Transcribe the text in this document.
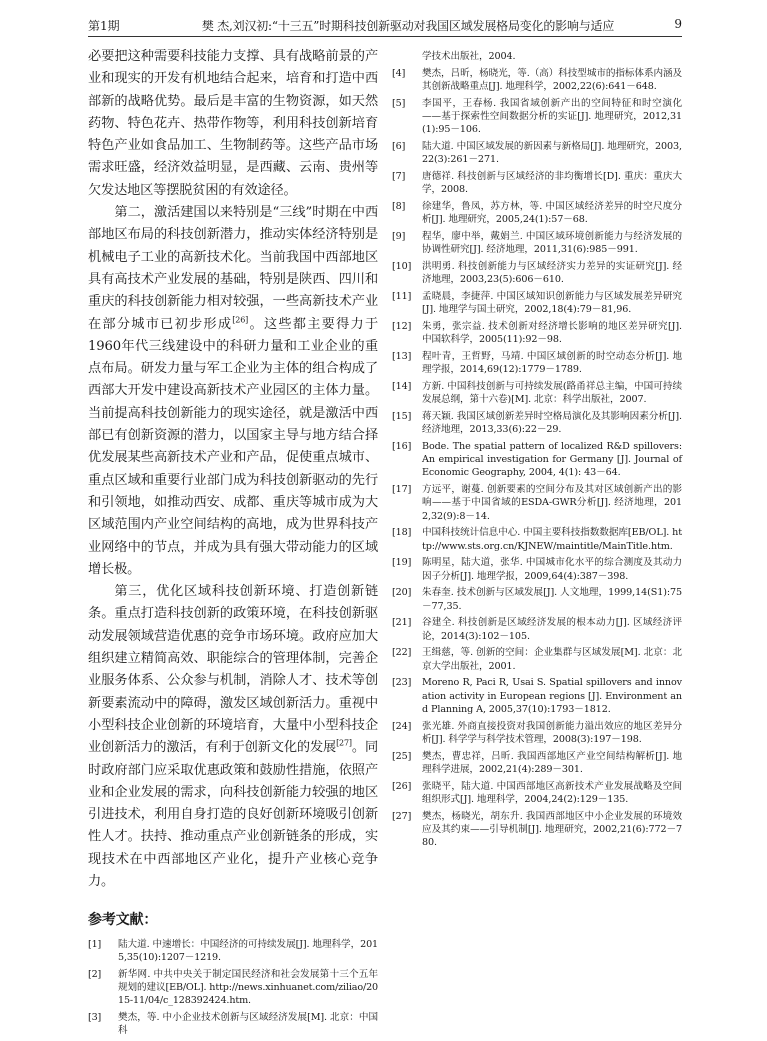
第1期	樊 杰,刘汉初:“十三五”时期科技创新驱动对我国区域发展格局变化的影响与适应	9

必要把这种需要科技能力支撑、具有战略前景的产业和现实的开发有机地结合起来，培育和打造中西部新的战略优势。最后是丰富的生物资源，如天然药物、特色花卉、热带作物等，利用科技创新培育特色产业如食品加工、生物制药等。这些产品市场需求旺盛，经济效益明显，是西藏、云南、贵州等欠发达地区等摆脱贫困的有效途径。

第二，激活建国以来特别是“三线”时期在中西部地区布局的科技创新潜力，推动实体经济特别是机械电子工业的高新技术化。当前我国中西部地区具有高技术产业发展的基础，特别是陕西、四川和重庆的科技创新能力相对较强，一些高新技术产业在部分城市已初步形成[26]。这些都主要得力于1960年代三线建设中的科研力量和工业企业的重点布局。研发力量与军工企业为主体的组合构成了西部大开发中建设高新技术产业园区的主体力量。当前提高科技创新能力的现实途径，就是激活中西部已有创新资源的潜力，以国家主导与地方结合择优发展某些高新技术产业和产品，促使重点城市、重点区域和重要行业部门成为科技创新驱动的先行和引领地，如推动西安、成都、重庆等城市成为大区域范围内产业空间结构的高地，成为世界科技产业网络中的节点，并成为具有强大带动能力的区域增长极。

第三，优化区域科技创新环境、打造创新链条。重点打造科技创新的政策环境，在科技创新驱动发展领域营造优惠的竞争市场环境。政府应加大组织建立精简高效、职能综合的管理体制，完善企业服务体系、公众参与机制，消除人才、技术等创新要素流动中的障碍，激发区域创新活力。重视中小型科技企业创新的环境培育，大量中小型科技企业创新活力的激活，有利于创新文化的发展[27]。同时政府部门应采取优惠政策和鼓励性措施，依照产业和企业发展的需求，向科技创新能力较强的地区引进技术，利用自身打造的良好创新环境吸引创新性人才。扶持、推动重点产业创新链条的形成，实现技术在中西部地区产业化，提升产业核心竞争力。

参考文献：
[1]	陆大道. 中速增长：中国经济的可持续发展[J]. 地理科学，2015,35(10):1207－1219.
[2]	新华网. 中共中央关于制定国民经济和社会发展第十三个五年规划的建议[EB/OL]. http://news.xinhuanet.com/ziliao/2015-11/04/c_128392424.htm.
[3]	樊杰，等. 中小企业技术创新与区域经济发展[M]. 北京：中国科
学技术出版社，2004.
[4]	樊杰，吕昕，杨晓光，等.（高）科技型城市的指标体系内涵及其创新战略重点[J]. 地理科学，2002,22(6):641－648.
[5]	李国平，王春杨. 我国省域创新产出的空间特征和时空演化——基于探索性空间数据分析的实证[J]. 地理研究，2012,31(1):95－106.
[6]	陆大道. 中国区域发展的新因素与新格局[J]. 地理研究，2003,22(3):261－271.
[7]	唐德祥. 科技创新与区域经济的非均衡增长[D]. 重庆：重庆大学，2008.
[8]	徐建华，鲁凤，苏方林，等. 中国区域经济差异的时空尺度分析[J]. 地理研究，2005,24(1):57－68.
[9]	程华，廖中举，戴娟兰. 中国区域环境创新能力与经济发展的协调性研究[J]. 经济地理，2011,31(6):985－991.
[10]	洪明勇. 科技创新能力与区域经济实力差异的实证研究[J]. 经济地理，2003,23(5):606－610.
[11]	孟晓晨，李捷萍. 中国区域知识创新能力与区域发展差异研究[J]. 地理学与国土研究，2002,18(4):79－81,96.
[12]	朱勇，张宗益. 技术创新对经济增长影响的地区差异研究[J]. 中国软科学，2005(11):92－98.
[13]	程叶青，王哲野，马靖. 中国区域创新的时空动态分析[J]. 地理学报，2014,69(12):1779－1789.
[14]	方新. 中国科技创新与可持续发展(路甬祥总主编，中国可持续发展总纲，第十六卷)[M]. 北京：科学出版社，2007.
[15]	蒋天颖. 我国区域创新差异时空格局演化及其影响因素分析[J]. 经济地理，2013,33(6):22－29.
[16]	Bode. The spatial pattern of localized R&D spillovers: An empirical investigation for Germany [J]. Journal of Economic Geography, 2004, 4(1): 43－64.
[17]	方远平，谢蔓. 创新要素的空间分布及其对区域创新产出的影响——基于中国省域的ESDA-GWR分析[J]. 经济地理，2012,32(9):8－14.
[18]	中国科技统计信息中心. 中国主要科技指数数据库[EB/OL]. http://www.sts.org.cn/KJNEW/maintitle/MainTitle.htm.
[19]	陈明星，陆大道，张华. 中国城市化水平的综合测度及其动力因子分析[J]. 地理学报，2009,64(4):387－398.
[20]	朱春奎. 技术创新与区域发展[J]. 人文地理，1999,14(S1):75－77,35.
[21]	谷建全. 科技创新是区域经济发展的根本动力[J]. 区域经济评论，2014(3):102－105.
[22]	王缉慈，等. 创新的空间：企业集群与区域发展[M]. 北京：北京大学出版社，2001.
[23]	Moreno R, Paci R, Usai S. Spatial spillovers and innovation activity in European regions [J]. Environment and Planning A, 2005,37(10):1793－1812.
[24]	张光雄. 外商直接投资对我国创新能力溢出效应的地区差异分析[J]. 科学学与科学技术管理，2008(3):197－198.
[25]	樊杰，曹忠祥，吕昕. 我国西部地区产业空间结构解析[J]. 地理科学进展，2002,21(4):289－301.
[26]	张晓平，陆大道. 中国西部地区高新技术产业发展战略及空间组织形式[J]. 地理科学，2004,24(2):129－135.
[27]	樊杰，杨晓光，胡东升. 我国西部地区中小企业发展的环境效应及其约束——引导机制[J]. 地理研究，2002,21(6):772－780.
